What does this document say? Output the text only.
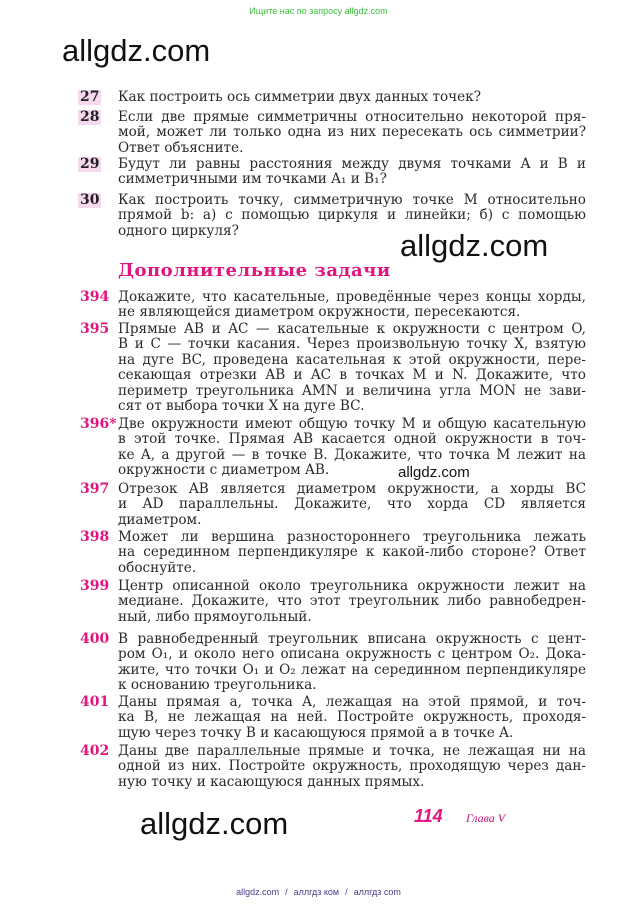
Ищите нас по запросу allgdz.com
allgdz.com
allgdz.com
allgdz.com
allgdz.com
27 Как построить ось симметрии двух данных точек?
28 Если две прямые симметричны относительно некоторой пря-
мой, может ли только одна из них пересекать ось симметрии?
Ответ объясните.
29 Будут ли равны расстояния между двумя точками A и B и
симметричными им точками A₁ и B₁?
30 Как построить точку, симметричную точке M относительно
прямой b: а) с помощью циркуля и линейки; б) с помощью
одного циркуля?
Дополнительные задачи
394 Докажите, что касательные, проведённые через концы хорды,
не являющейся диаметром окружности, пересекаются.
395 Прямые AB и AC — касательные к окружности с центром O,
B и C — точки касания. Через произвольную точку X, взятую
на дуге BC, проведена касательная к этой окружности, пере-
секающая отрезки AB и AC в точках M и N. Докажите, что
периметр треугольника AMN и величина угла MON не зави-
сят от выбора точки X на дуге BC.
396* Две окружности имеют общую точку M и общую касательную
в этой точке. Прямая AB касается одной окружности в точ-
ке A, а другой — в точке B. Докажите, что точка M лежит на
окружности с диаметром AB.
397 Отрезок AB является диаметром окружности, а хорды BC
и AD параллельны. Докажите, что хорда CD является
диаметром.
398 Может ли вершина разностороннего треугольника лежать
на серединном перпендикуляре к какой-либо стороне? Ответ
обоснуйте.
399 Центр описанной около треугольника окружности лежит на
медиане. Докажите, что этот треугольник либо равнобедрен-
ный, либо прямоугольный.
400 В равнобедренный треугольник вписана окружность с цент-
ром O₁, и около него описана окружность с центром O₂. Дока-
жите, что точки O₁ и O₂ лежат на серединном перпендикуляре
к основанию треугольника.
401 Даны прямая a, точка A, лежащая на этой прямой, и точ-
ка B, не лежащая на ней. Постройте окружность, проходя-
щую через точку B и касающуюся прямой a в точке A.
402 Даны две параллельные прямые и точка, не лежащая ни на
одной из них. Постройте окружность, проходящую через дан-
ную точку и касающуюся данных прямых.
114 Глава V
allgdz.com / аллгдз ком / аллгдз com
